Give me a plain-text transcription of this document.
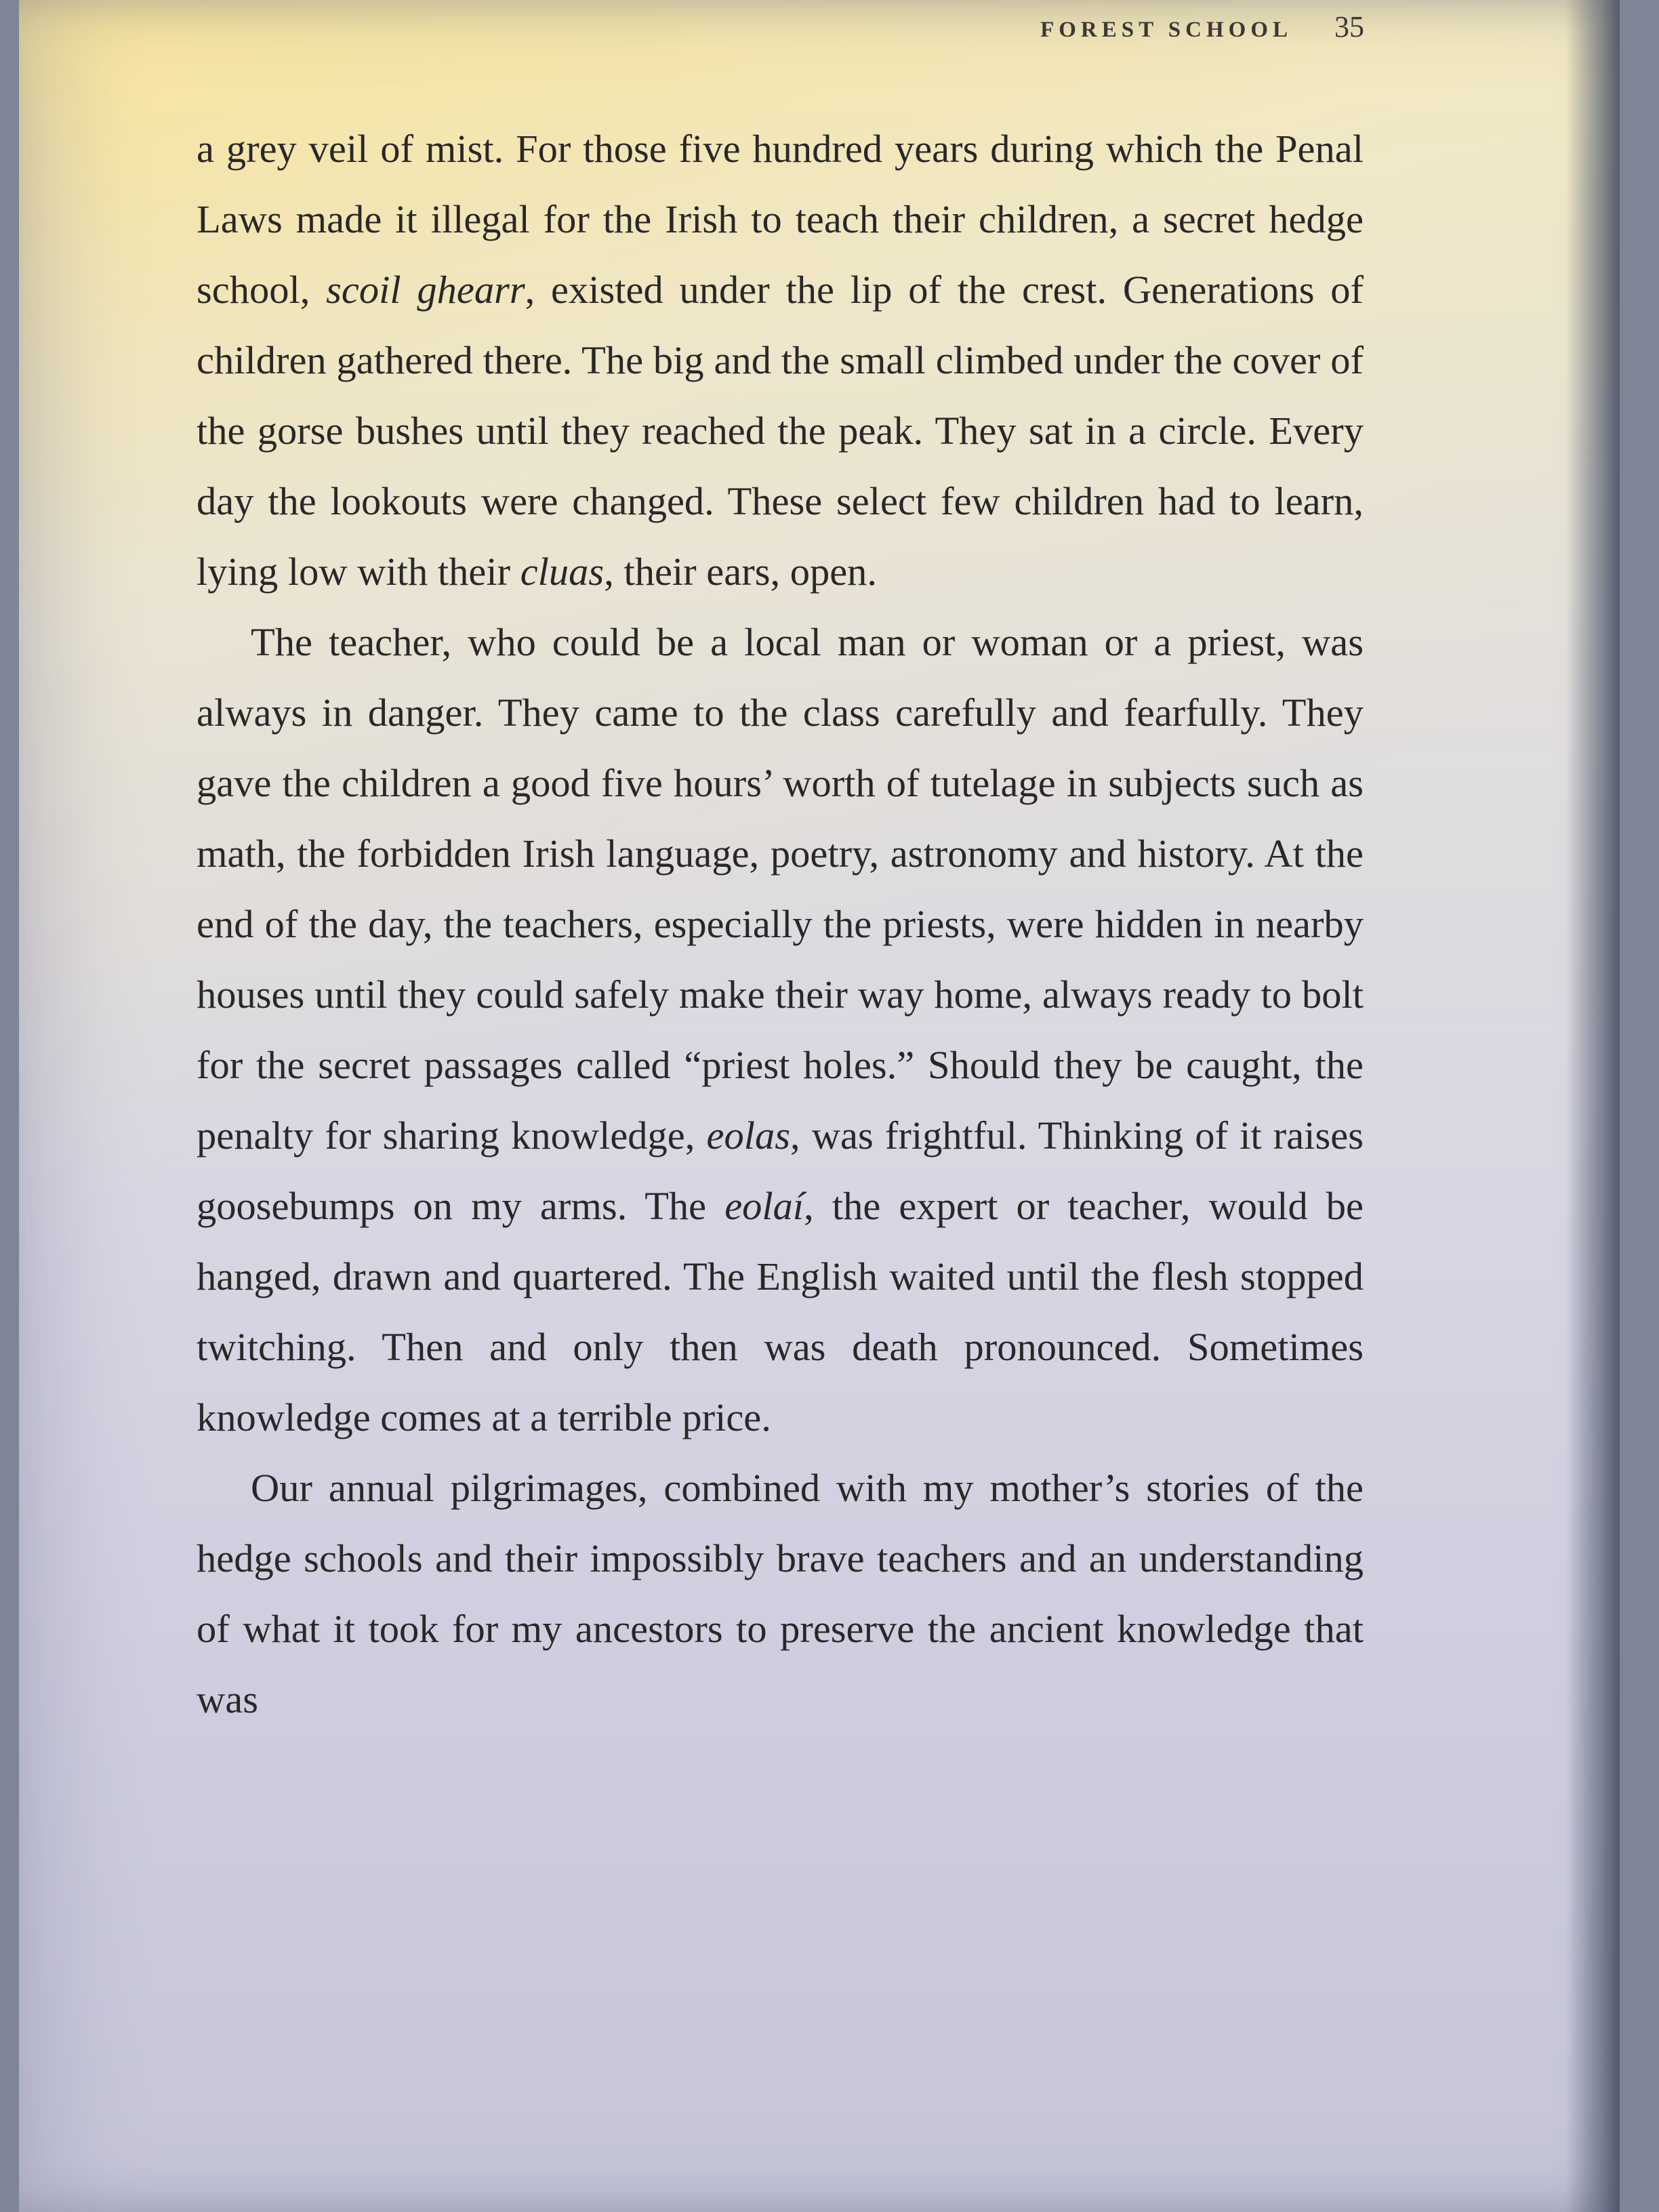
FOREST SCHOOL 35

a grey veil of mist. For those five hundred years during which the Penal Laws made it illegal for the Irish to teach their children, a secret hedge school, scoil ghearr, existed under the lip of the crest. Generations of children gathered there. The big and the small climbed under the cover of the gorse bushes until they reached the peak. They sat in a circle. Every day the lookouts were changed. These select few children had to learn, lying low with their cluas, their ears, open.

The teacher, who could be a local man or woman or a priest, was always in danger. They came to the class carefully and fearfully. They gave the children a good five hours’ worth of tutelage in subjects such as math, the forbidden Irish language, poetry, astronomy and history. At the end of the day, the teachers, especially the priests, were hidden in nearby houses until they could safely make their way home, always ready to bolt for the secret passages called “priest holes.” Should they be caught, the penalty for sharing knowledge, eolas, was frightful. Thinking of it raises goosebumps on my arms. The eolaí, the expert or teacher, would be hanged, drawn and quartered. The English waited until the flesh stopped twitching. Then and only then was death pronounced. Sometimes knowledge comes at a terrible price.

Our annual pilgrimages, combined with my mother’s stories of the hedge schools and their impossibly brave teachers and an understanding of what it took for my ancestors to preserve the ancient knowledge that was
